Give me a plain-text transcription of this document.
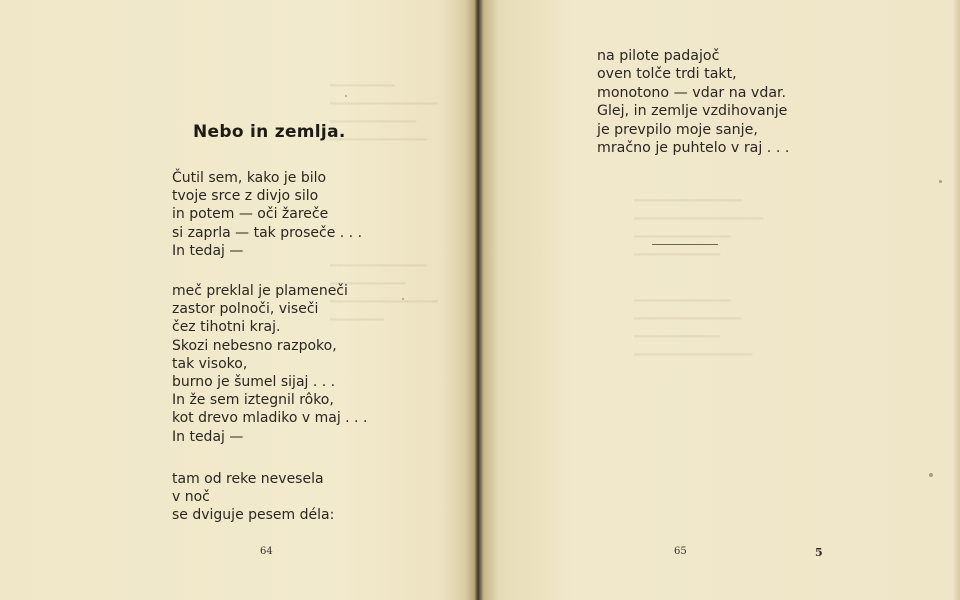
▁▁▁▁▁▁
▁▁▁▁▁▁▁▁▁▁
▁▁▁▁▁▁▁▁
▁▁▁▁▁▁▁▁▁
▁▁▁▁▁▁▁▁▁
▁▁▁▁▁▁▁
▁▁▁▁▁▁▁▁▁▁
▁▁▁▁▁
Nebo in zemlja.
Čutil sem, kako je bilo
tvoje srce z divjo silo
in potem — oči žareče
si zaprla — tak proseče . . .
In tedaj —
meč preklal je plameneči
zastor polnoči, viseči
čez tihotni kraj.
Skozi nebesno razpoko,
tak visoko,
burno je šumel sijaj . . .
In že sem iztegnil rôko,
kot drevo mladiko v maj . . .
In tedaj —
tam od reke nevesela
v noč
se dviguje pesem déla:
64
▁▁▁▁▁▁▁▁▁▁
▁▁▁▁▁▁▁▁▁▁▁▁
▁▁▁▁▁▁▁▁▁
▁▁▁▁▁▁▁▁
▁▁▁▁▁▁▁▁▁
▁▁▁▁▁▁▁▁▁▁
▁▁▁▁▁▁▁▁
▁▁▁▁▁▁▁▁▁▁▁
na pilote padajoč
oven tolče trdi takt,
monotono — vdar na vdar.
Glej, in zemlje vzdihovanje
je prevpilo moje sanje,
mračno je puhtelo v raj . . .
65	5
